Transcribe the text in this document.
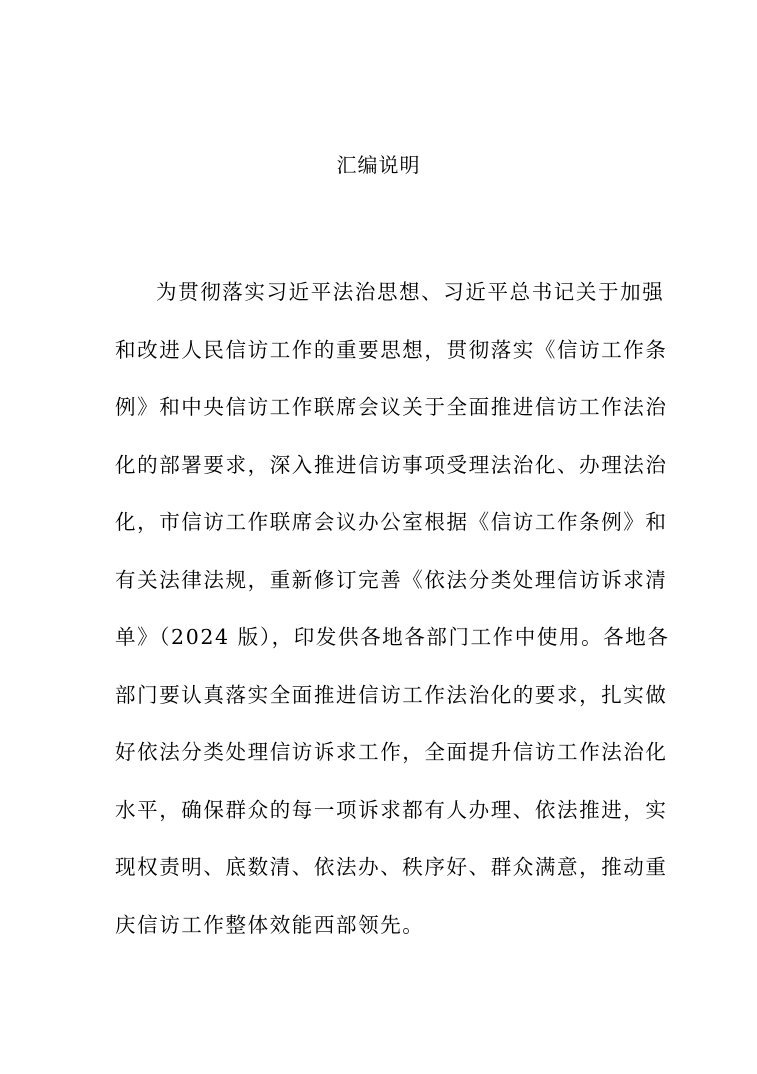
汇编说明
为贯彻落实习近平法治思想、习近平总书记关于加强
和改进人民信访工作的重要思想，贯彻落实《信访工作条
例》和中央信访工作联席会议关于全面推进信访工作法治
化的部署要求，深入推进信访事项受理法治化、办理法治
化，市信访工作联席会议办公室根据《信访工作条例》和
有关法律法规，重新修订完善《依法分类处理信访诉求清
单》（2024 版），印发供各地各部门工作中使用。各地各
部门要认真落实全面推进信访工作法治化的要求，扎实做
好依法分类处理信访诉求工作，全面提升信访工作法治化
水平，确保群众的每一项诉求都有人办理、依法推进，实
现权责明、底数清、依法办、秩序好、群众满意，推动重
庆信访工作整体效能西部领先。
